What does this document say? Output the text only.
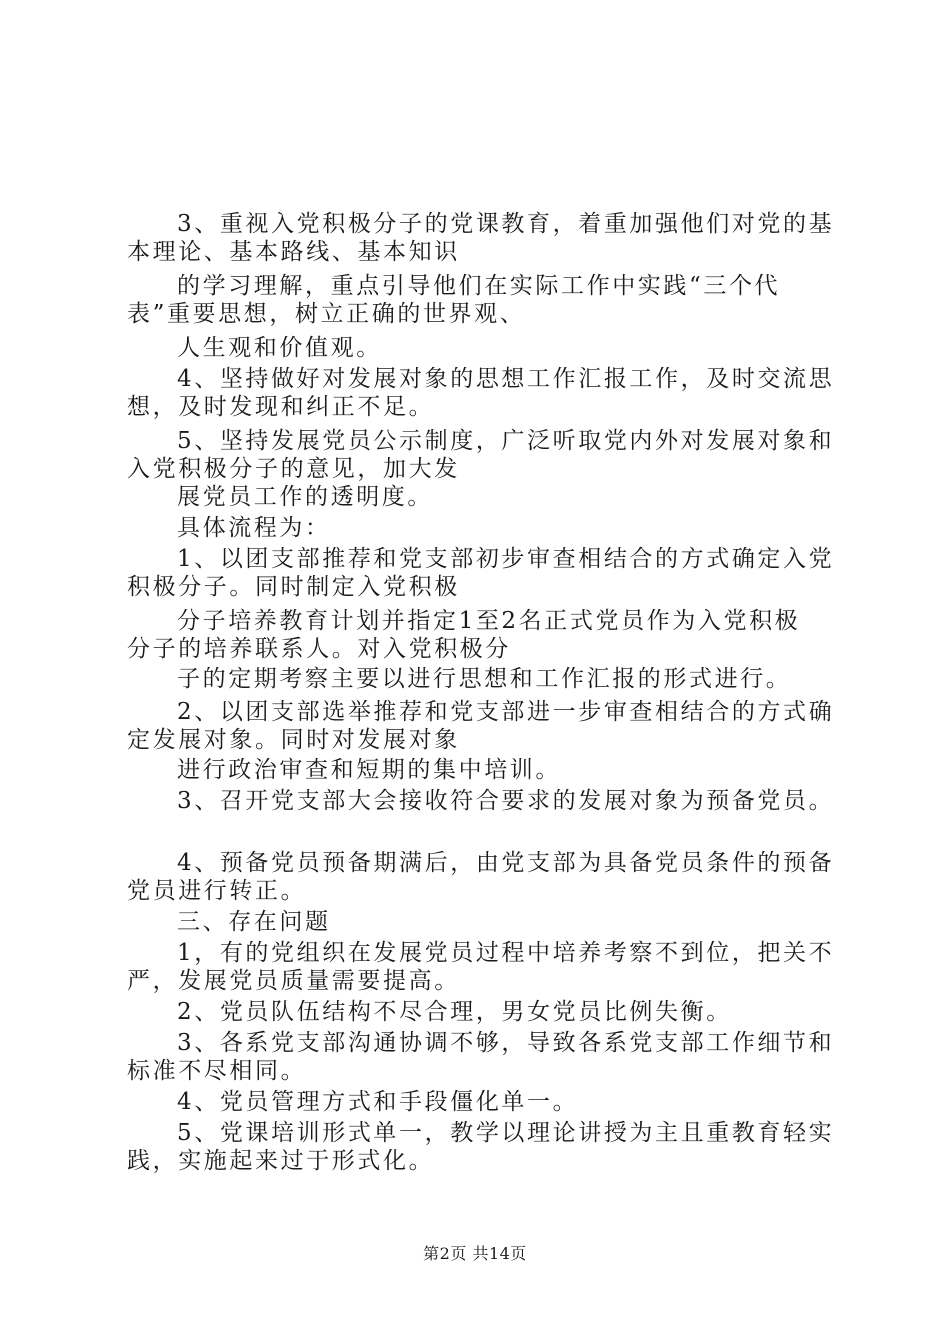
3、重视入党积极分子的党课教育，着重加强他们对党的基
本理论、基本路线、基本知识
的学习理解，重点引导他们在实际工作中实践“三个代
表”重要思想，树立正确的世界观、
人生观和价值观。
4、坚持做好对发展对象的思想工作汇报工作，及时交流思
想，及时发现和纠正不足。
5、坚持发展党员公示制度，广泛听取党内外对发展对象和
入党积极分子的意见，加大发
展党员工作的透明度。
具体流程为：
1、以团支部推荐和党支部初步审查相结合的方式确定入党
积极分子。同时制定入党积极
分子培养教育计划并指定1至2名正式党员作为入党积极
分子的培养联系人。对入党积极分
子的定期考察主要以进行思想和工作汇报的形式进行。
2、以团支部选举推荐和党支部进一步审查相结合的方式确
定发展对象。同时对发展对象
进行政治审查和短期的集中培训。
3、召开党支部大会接收符合要求的发展对象为预备党员。
4、预备党员预备期满后，由党支部为具备党员条件的预备
党员进行转正。
三、存在问题
1，有的党组织在发展党员过程中培养考察不到位，把关不
严，发展党员质量需要提高。
2、党员队伍结构不尽合理，男女党员比例失衡。
3、各系党支部沟通协调不够，导致各系党支部工作细节和
标准不尽相同。
4、党员管理方式和手段僵化单一。
5、党课培训形式单一，教学以理论讲授为主且重教育轻实
践，实施起来过于形式化。
第2页 共14页
